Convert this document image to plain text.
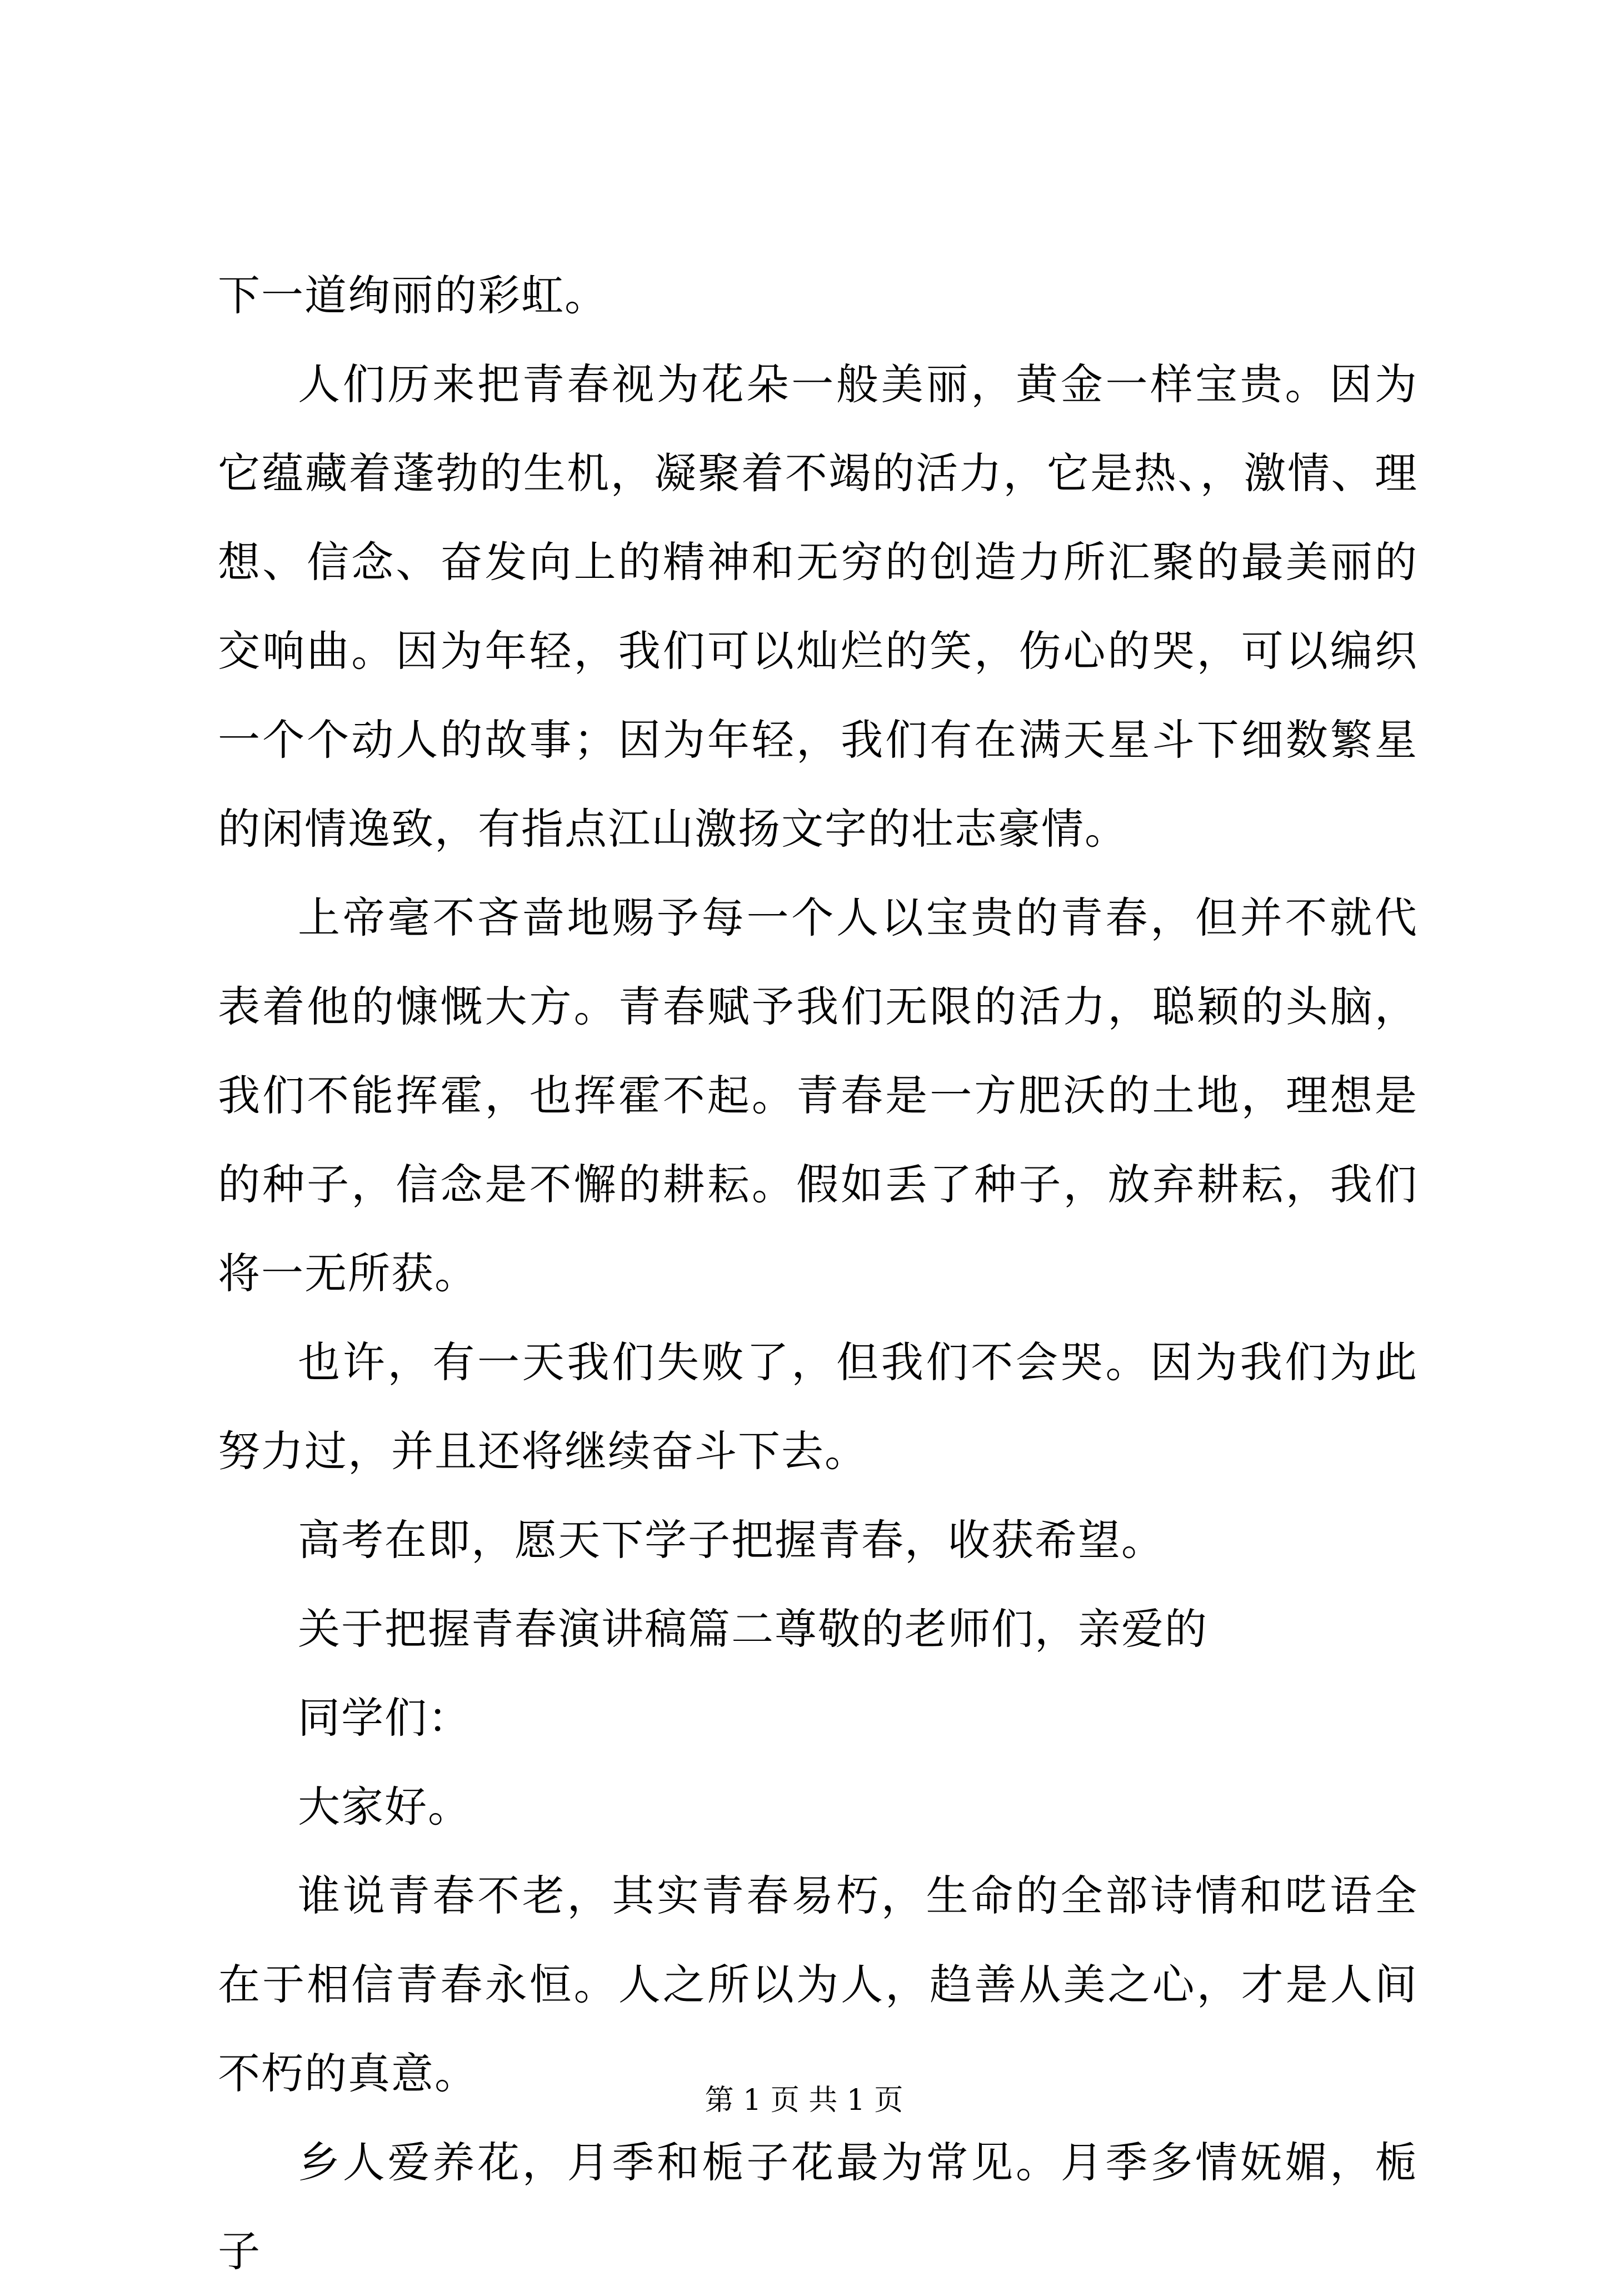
下一道绚丽的彩虹。

人们历来把青春视为花朵一般美丽，黄金一样宝贵。因为它蕴藏着蓬勃的生机，凝聚着不竭的活力，它是热、，激情、理想、信念、奋发向上的精神和无穷的创造力所汇聚的最美丽的交响曲。因为年轻，我们可以灿烂的笑，伤心的哭，可以编织一个个动人的故事；因为年轻，我们有在满天星斗下细数繁星的闲情逸致，有指点江山激扬文字的壮志豪情。

上帝毫不吝啬地赐予每一个人以宝贵的青春，但并不就代表着他的慷慨大方。青春赋予我们无限的活力，聪颖的头脑，我们不能挥霍，也挥霍不起。青春是一方肥沃的土地，理想是的种子，信念是不懈的耕耘。假如丢了种子，放弃耕耘，我们将一无所获。

也许，有一天我们失败了，但我们不会哭。因为我们为此努力过，并且还将继续奋斗下去。

高考在即，愿天下学子把握青春，收获希望。

关于把握青春演讲稿篇二尊敬的老师们，亲爱的

同学们：

大家好。

谁说青春不老，其实青春易朽，生命的全部诗情和呓语全在于相信青春永恒。人之所以为人，趋善从美之心，才是人间不朽的真意。

乡人爱养花，月季和栀子花最为常见。月季多情妩媚，栀子

第 1 页 共 1 页
